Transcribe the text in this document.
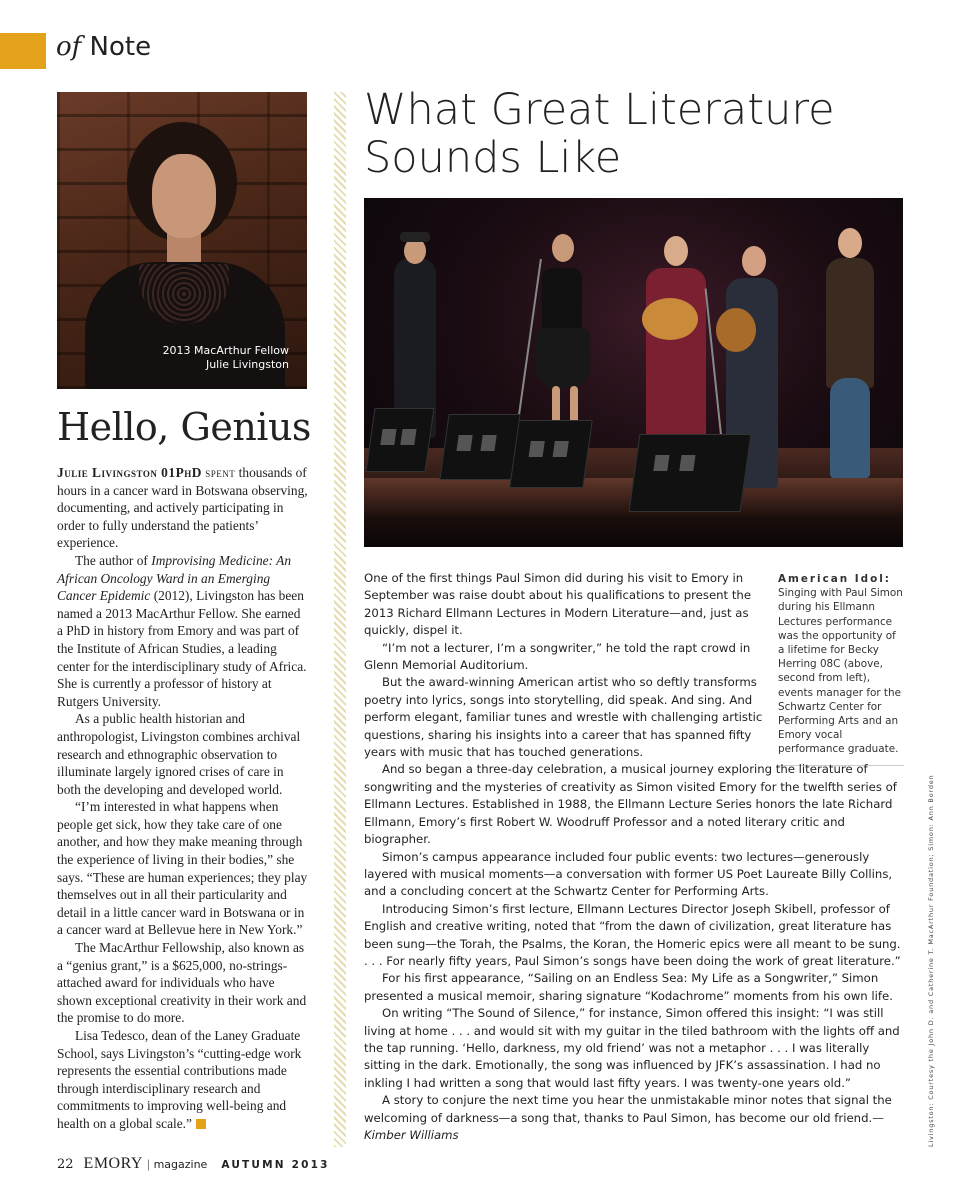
of Note
2013 MacArthur Fellow
Julie Livingston
Hello, Genius

Julie Livingston 01PhD spent thousands of hours in a cancer ward in Botswana observing, documenting, and actively participating in order to fully understand the patients’ experience.

The author of Improvising Medicine: An African Oncology Ward in an Emerging Cancer Epidemic (2012), Livingston has been named a 2013 MacArthur Fellow. She earned a PhD in history from Emory and was part of the Institute of African Studies, a leading center for the interdisciplinary study of Africa. She is currently a professor of history at Rutgers University.

As a public health historian and anthropologist, Livingston combines archival research and ethnographic observation to illuminate largely ignored crises of care in both the developing and developed world.

“I’m interested in what happens when people get sick, how they take care of one another, and how they make meaning through the experience of living in their bodies,” she says. “These are human experiences; they play themselves out in all their particularity and detail in a little cancer ward in Botswana or in a cancer ward at Bellevue here in New York.”

The MacArthur Fellowship, also known as a “genius grant,” is a $625,000, no-strings-attached award for individuals who have shown exceptional creativity in their work and the promise to do more.

Lisa Tedesco, dean of the Laney Graduate School, says Livingston’s “cutting-edge work represents the essential contributions made through interdisciplinary research and commitments to improving well-being and health on a global scale.”

What Great Literature
Sounds Like
American Idol:
Singing with Paul Simon during his Ellmann Lectures performance was the opportunity of a lifetime for Becky Herring 08C (above, second from left), events manager for the Schwartz Center for Performing Arts and an Emory vocal performance graduate.

One of the first things Paul Simon did during his visit to Emory in September was raise doubt about his qualifications to present the 2013 Richard Ellmann Lectures in Modern Literature—and, just as quickly, dispel it.

“I’m not a lecturer, I’m a songwriter,” he told the rapt crowd in Glenn Memorial Auditorium.

But the award-winning American artist who so deftly transforms poetry into lyrics, songs into storytelling, did speak. And sing. And perform elegant, familiar tunes and wrestle with challenging artistic questions, sharing his insights into a career that has spanned fifty years with music that has touched generations.

And so began a three-day celebration, a musical journey exploring the literature of songwriting and the mysteries of creativity as Simon visited Emory for the twelfth series of Ellmann Lectures. Established in 1988, the Ellmann Lecture Series honors the late Richard Ellmann, Emory’s first Robert W. Woodruff Professor and a noted literary critic and biographer.

Simon’s campus appearance included four public events: two lectures—generously layered with musical moments—a conversation with former US Poet Laureate Billy Collins, and a concluding concert at the Schwartz Center for Performing Arts.

Introducing Simon’s first lecture, Ellmann Lectures Director Joseph Skibell, professor of English and creative writing, noted that “from the dawn of civilization, great literature has been sung—the Torah, the Psalms, the Koran, the Homeric epics were all meant to be sung. . . . For nearly fifty years, Paul Simon’s songs have been doing the work of great literature.”

For his first appearance, “Sailing on an Endless Sea: My Life as a Songwriter,” Simon presented a musical memoir, sharing signature “Kodachrome” moments from his own life.

On writing “The Sound of Silence,” for instance, Simon offered this insight: “I was still living at home . . . and would sit with my guitar in the tiled bathroom with the lights off and the tap running. ‘Hello, darkness, my old friend’ was not a metaphor . . . I was literally sitting in the dark. Emotionally, the song was influenced by JFK’s assassination. I had no inkling I had written a song that would last fifty years. I was twenty-one years old.”

A story to conjure the next time you hear the unmistakable minor notes that signal the welcoming of darkness—a song that, thanks to Paul Simon, has become our old friend.—Kimber Williams	Livingston: Courtesy the John D. and Catherine T. MacArthur Foundation; Simon: Ann Borden
22 EMORY | magazine AUTUMN 2013
